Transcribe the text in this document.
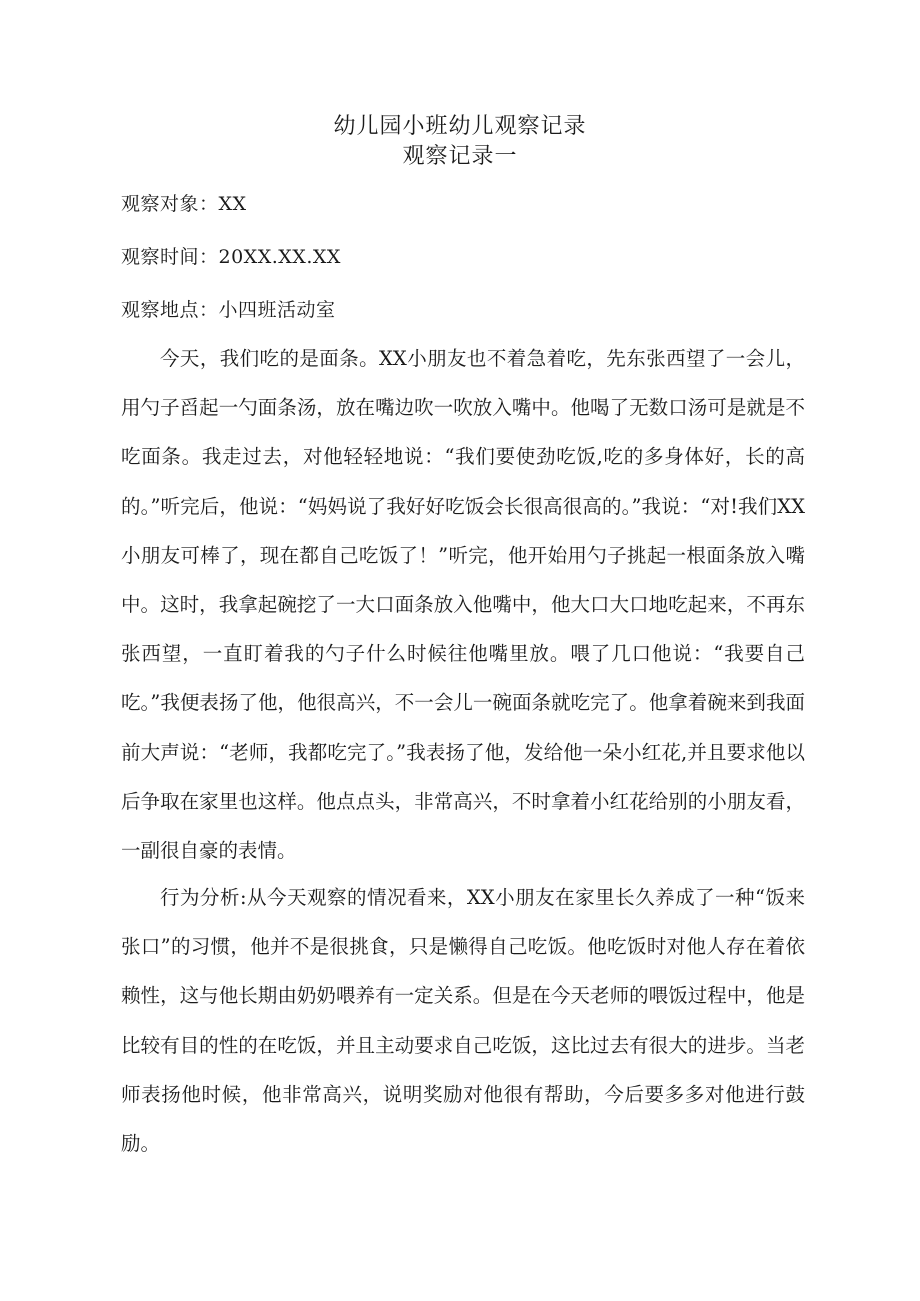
幼儿园小班幼儿观察记录
观察记录一
观察对象：XX
观察时间：20XX.XX.XX
观察地点：小四班活动室

今天，我们吃的是面条。XX小朋友也不着急着吃，先东张西望了一会儿，用勺子舀起一勺面条汤，放在嘴边吹一吹放入嘴中。他喝了无数口汤可是就是不吃面条。我走过去，对他轻轻地说：“我们要使劲吃饭,吃的多身体好，长的高的。”听完后，他说：“妈妈说了我好好吃饭会长很高很高的。”我说：“对!我们XX小朋友可棒了，现在都自己吃饭了！”听完，他开始用勺子挑起一根面条放入嘴中。这时，我拿起碗挖了一大口面条放入他嘴中，他大口大口地吃起来，不再东张西望，一直盯着我的勺子什么时候往他嘴里放。喂了几口他说：“我要自己吃。”我便表扬了他，他很高兴，不一会儿一碗面条就吃完了。他拿着碗来到我面前大声说：“老师，我都吃完了。”我表扬了他，发给他一朵小红花,并且要求他以后争取在家里也这样。他点点头，非常高兴，不时拿着小红花给别的小朋友看，一副很自豪的表情。

行为分析:从今天观察的情况看来，XX小朋友在家里长久养成了一种“饭来张口”的习惯，他并不是很挑食，只是懒得自己吃饭。他吃饭时对他人存在着依赖性，这与他长期由奶奶喂养有一定关系。但是在今天老师的喂饭过程中，他是比较有目的性的在吃饭，并且主动要求自己吃饭，这比过去有很大的进步。当老师表扬他时候，他非常高兴，说明奖励对他很有帮助，今后要多多对他进行鼓励。
